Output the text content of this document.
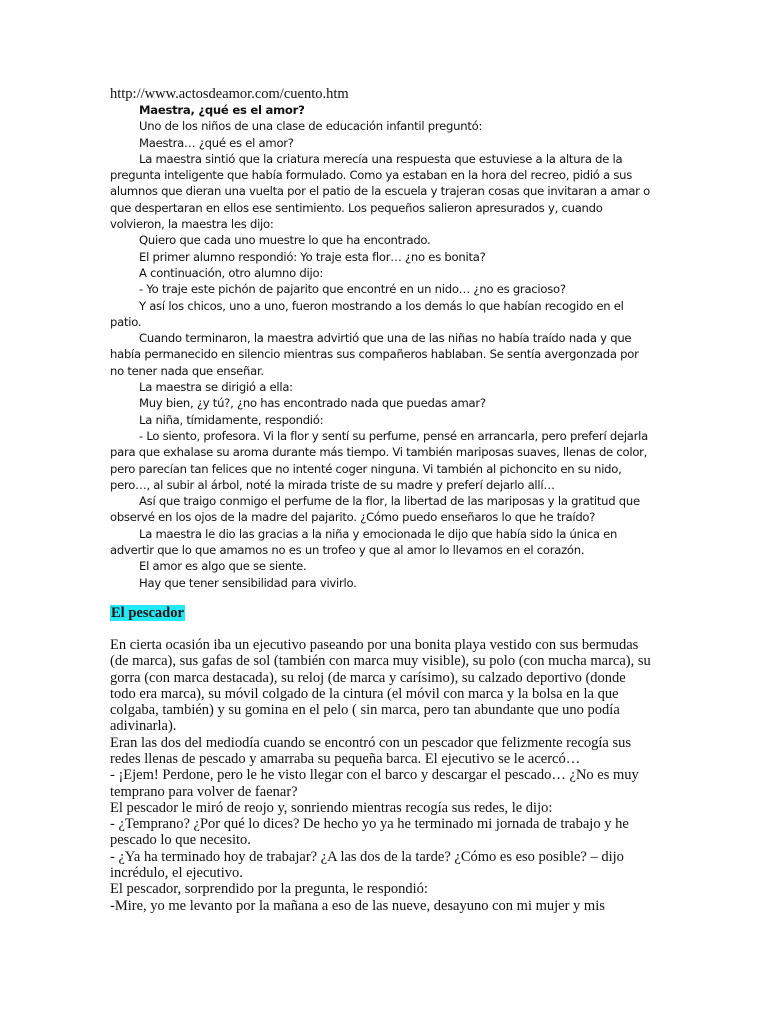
http://www.actosdeamor.com/cuento.htm

Maestra, ¿qué es el amor?

Uno de los niños de una clase de educación infantil preguntó:

Maestra… ¿qué es el amor?

La maestra sintió que la criatura merecía una respuesta que estuviese a la altura de la pregunta inteligente que había formulado. Como ya estaban en la hora del recreo, pidió a sus alumnos que dieran una vuelta por el patio de la escuela y trajeran cosas que invitaran a amar o que despertaran en ellos ese sentimiento. Los pequeños salieron apresurados y, cuando volvieron, la maestra les dijo:

Quiero que cada uno muestre lo que ha encontrado.

El primer alumno respondió: Yo traje esta flor… ¿no es bonita?

A continuación, otro alumno dijo:

- Yo traje este pichón de pajarito que encontré en un nido… ¿no es gracioso?

Y así los chicos, uno a uno, fueron mostrando a los demás lo que habían recogido en el patio.

Cuando terminaron, la maestra advirtió que una de las niñas no había traído nada y que había permanecido en silencio mientras sus compañeros hablaban. Se sentía avergonzada por no tener nada que enseñar.

La maestra se dirigió a ella:

Muy bien, ¿y tú?, ¿no has encontrado nada que puedas amar?

La niña, tímidamente, respondió:

- Lo siento, profesora. Vi la flor y sentí su perfume, pensé en arrancarla, pero preferí dejarla para que exhalase su aroma durante más tiempo. Vi también mariposas suaves, llenas de color, pero parecían tan felices que no intenté coger ninguna. Vi también al pichoncito en su nido, pero…, al subir al árbol, noté la mirada triste de su madre y preferí dejarlo allí…

Así que traigo conmigo el perfume de la flor, la libertad de las mariposas y la gratitud que observé en los ojos de la madre del pajarito. ¿Cómo puedo enseñaros lo que he traído?

La maestra le dio las gracias a la niña y emocionada le dijo que había sido la única en advertir que lo que amamos no es un trofeo y que al amor lo llevamos en el corazón.

El amor es algo que se siente.

Hay que tener sensibilidad para vivirlo.

El pescador

En cierta ocasión iba un ejecutivo paseando por una bonita playa vestido con sus bermudas (de marca), sus gafas de sol (también con marca muy visible), su polo (con mucha marca), su gorra (con marca destacada), su reloj (de marca y carísimo), su calzado deportivo (donde todo era marca), su móvil colgado de la cintura (el móvil con marca y la bolsa en la que colgaba, también) y su gomina en el pelo ( sin marca, pero tan abundante que uno podía adivinarla).

Eran las dos del mediodía cuando se encontró con un pescador que felizmente recogía sus redes llenas de pescado y amarraba su pequeña barca. El ejecutivo se le acercó…

- ¡Ejem! Perdone, pero le he visto llegar con el barco y descargar el pescado… ¿No es muy temprano para volver de faenar?

El pescador le miró de reojo y, sonriendo mientras recogía sus redes, le dijo:

- ¿Temprano? ¿Por qué lo dices? De hecho yo ya he terminado mi jornada de trabajo y he pescado lo que necesito.

- ¿Ya ha terminado hoy de trabajar? ¿A las dos de la tarde? ¿Cómo es eso posible? – dijo incrédulo, el ejecutivo.

El pescador, sorprendido por la pregunta, le respondió:

-Mire, yo me levanto por la mañana a eso de las nueve, desayuno con mi mujer y mis
